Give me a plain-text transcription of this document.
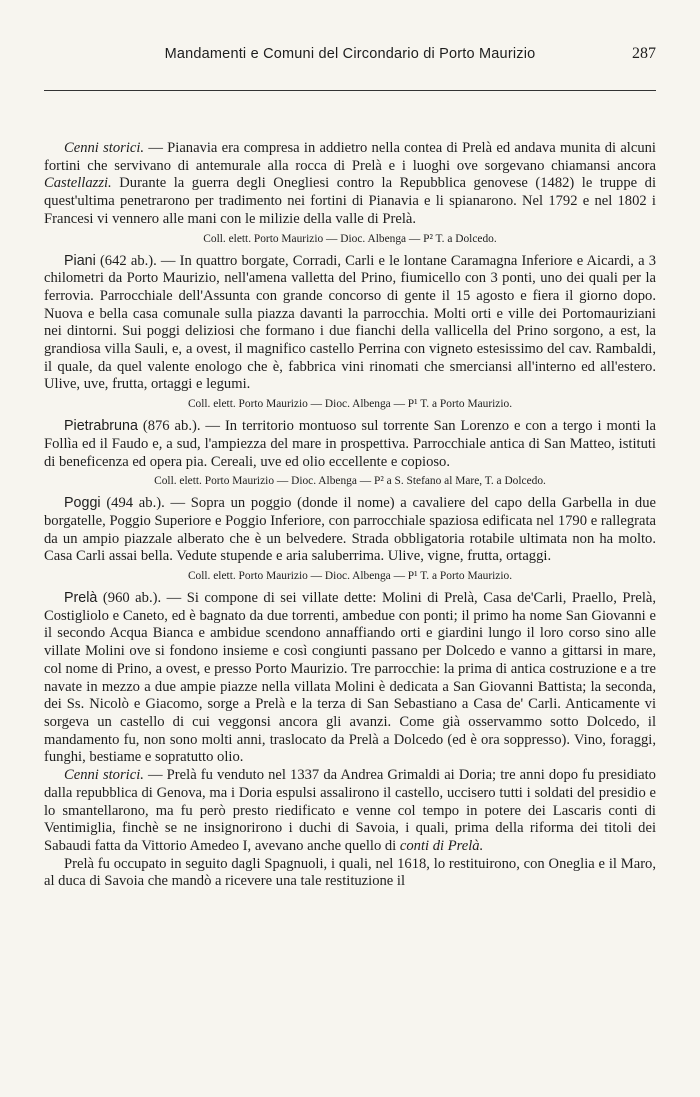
Mandamenti e Comuni del Circondario di Porto Maurizio	287

Cenni storici. — Pianavia era compresa in addietro nella contea di Prelà ed andava munita di alcuni fortini che servivano di antemurale alla rocca di Prelà e i luoghi ove sorgevano chiamansi ancora Castellazzi. Durante la guerra degli Onegliesi contro la Repubblica genovese (1482) le truppe di quest'ultima penetrarono per tradimento nei fortini di Pianavia e li spianarono. Nel 1792 e nel 1802 i Francesi vi vennero alle mani con le milizie della valle di Prelà.

Coll. elett. Porto Maurizio — Dioc. Albenga — P² T. a Dolcedo.

Piani (642 ab.). — In quattro borgate, Corradi, Carli e le lontane Caramagna Inferiore e Aicardi, a 3 chilometri da Porto Maurizio, nell'amena valletta del Prino, fiumicello con 3 ponti, uno dei quali per la ferrovia. Parrocchiale dell'Assunta con grande concorso di gente il 15 agosto e fiera il giorno dopo. Nuova e bella casa comunale sulla piazza davanti la parrocchia. Molti orti e ville dei Portomauriziani nei dintorni. Sui poggi deliziosi che formano i due fianchi della vallicella del Prino sorgono, a est, la grandiosa villa Sauli, e, a ovest, il magnifico castello Perrina con vigneto estesissimo del cav. Rambaldi, il quale, da quel valente enologo che è, fabbrica vini rinomati che smerciansi all'interno ed all'estero. Ulive, uve, frutta, ortaggi e legumi.

Coll. elett. Porto Maurizio — Dioc. Albenga — P¹ T. a Porto Maurizio.

Pietrabruna (876 ab.). — In territorio montuoso sul torrente San Lorenzo e con a tergo i monti la Follìa ed il Faudo e, a sud, l'ampiezza del mare in prospettiva. Parrocchiale antica di San Matteo, istituti di beneficenza ed opera pia. Cereali, uve ed olio eccellente e copioso.

Coll. elett. Porto Maurizio — Dioc. Albenga — P² a S. Stefano al Mare, T. a Dolcedo.

Poggi (494 ab.). — Sopra un poggio (donde il nome) a cavaliere del capo della Garbella in due borgatelle, Poggio Superiore e Poggio Inferiore, con parrocchiale spaziosa edificata nel 1790 e rallegrata da un ampio piazzale alberato che è un belvedere. Strada obbligatoria rotabile ultimata non ha molto. Casa Carli assai bella. Vedute stupende e aria saluberrima. Ulive, vigne, frutta, ortaggi.

Coll. elett. Porto Maurizio — Dioc. Albenga — P¹ T. a Porto Maurizio.

Prelà (960 ab.). — Si compone di sei villate dette: Molini di Prelà, Casa de'Carli, Praello, Prelà, Costigliolo e Caneto, ed è bagnato da due torrenti, ambedue con ponti; il primo ha nome San Giovanni e il secondo Acqua Bianca e ambidue scendono annaffiando orti e giardini lungo il loro corso sino alle villate Molini ove si fondono insieme e così congiunti passano per Dolcedo e vanno a gittarsi in mare, col nome di Prino, a ovest, e presso Porto Maurizio. Tre parrocchie: la prima di antica costruzione e a tre navate in mezzo a due ampie piazze nella villata Molini è dedicata a San Giovanni Battista; la seconda, dei Ss. Nicolò e Giacomo, sorge a Prelà e la terza di San Sebastiano a Casa de' Carli. Anticamente vi sorgeva un castello di cui veggonsi ancora gli avanzi. Come già osservammo sotto Dolcedo, il mandamento fu, non sono molti anni, traslocato da Prelà a Dolcedo (ed è ora soppresso). Vino, foraggi, funghi, bestiame e sopratutto olio.

Cenni storici. — Prelà fu venduto nel 1337 da Andrea Grimaldi ai Doria; tre anni dopo fu presidiato dalla repubblica di Genova, ma i Doria espulsi assalirono il castello, uccisero tutti i soldati del presidio e lo smantellarono, ma fu però presto riedificato e venne col tempo in potere dei Lascaris conti di Ventimiglia, finchè se ne insignorirono i duchi di Savoia, i quali, prima della riforma dei titoli dei Sabaudi fatta da Vittorio Amedeo I, avevano anche quello di conti di Prelà.

Prelà fu occupato in seguito dagli Spagnuoli, i quali, nel 1618, lo restituirono, con Oneglia e il Maro, al duca di Savoia che mandò a ricevere una tale restituzione il
